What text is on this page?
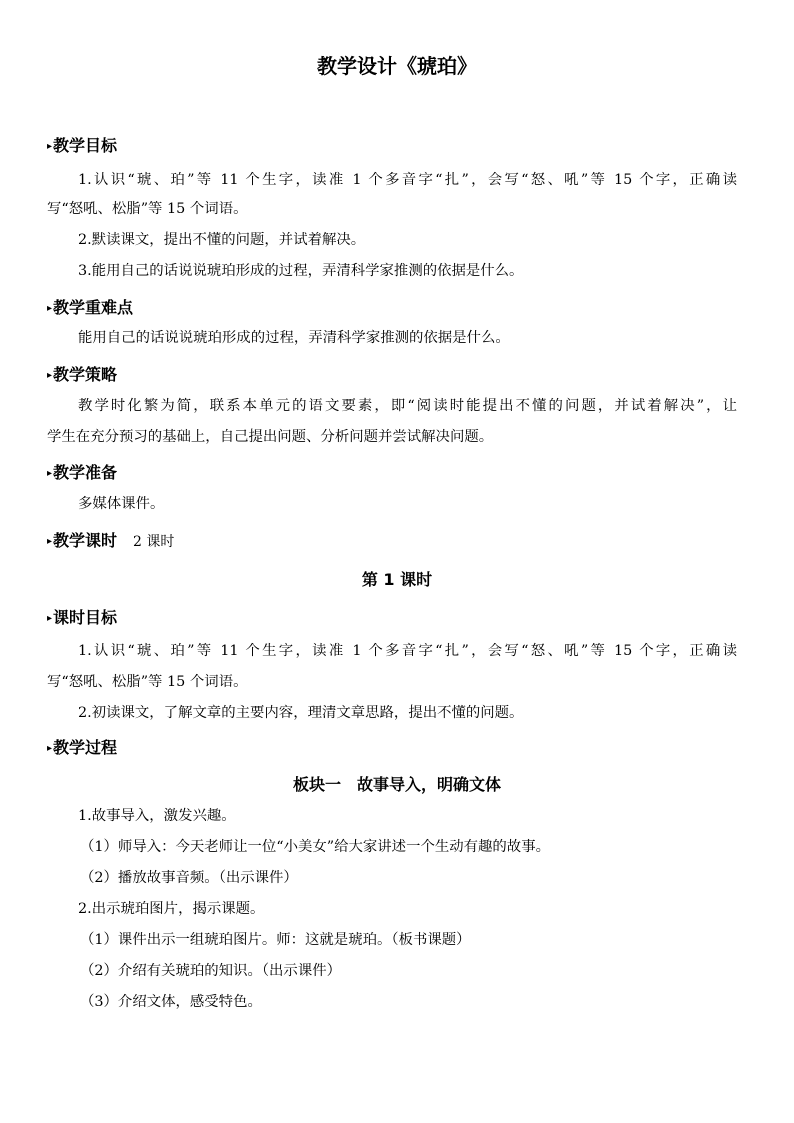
教学设计《琥珀》
▸教学目标
1.认识“琥、珀”等 11 个生字，读准 1 个多音字“扎”，会写“怒、吼”等 15 个字，正确读
写“怒吼、松脂”等 15 个词语。
2.默读课文，提出不懂的问题，并试着解决。
3.能用自己的话说说琥珀形成的过程，弄清科学家推测的依据是什么。
▸教学重难点
能用自己的话说说琥珀形成的过程，弄清科学家推测的依据是什么。
▸教学策略
教学时化繁为简，联系本单元的语文要素，即“阅读时能提出不懂的问题，并试着解决”，让
学生在充分预习的基础上，自己提出问题、分析问题并尝试解决问题。
▸教学准备
多媒体课件。
▸教学课时 2 课时
第 1 课时
▸课时目标
1.认识“琥、珀”等 11 个生字，读准 1 个多音字“扎”，会写“怒、吼”等 15 个字，正确读
写“怒吼、松脂”等 15 个词语。
2.初读课文，了解文章的主要内容，理清文章思路，提出不懂的问题。
▸教学过程
板块一　故事导入，明确文体
1.故事导入，激发兴趣。
（1）师导入：今天老师让一位“小美女”给大家讲述一个生动有趣的故事。
（2）播放故事音频。（出示课件）
2.出示琥珀图片，揭示课题。
（1）课件出示一组琥珀图片。师：这就是琥珀。（板书课题）
（2）介绍有关琥珀的知识。（出示课件）
（3）介绍文体，感受特色。
